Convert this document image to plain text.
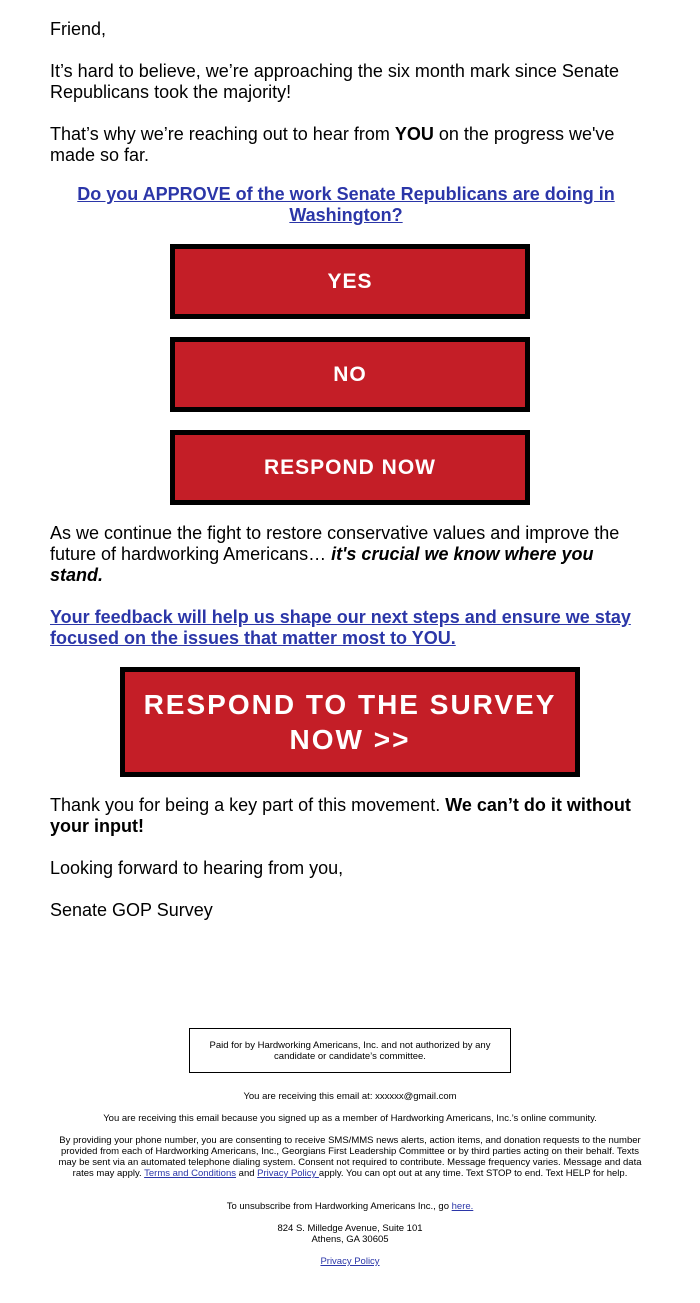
Friend,

It’s hard to believe, we’re approaching the six month mark since Senate Republicans took the majority!

That’s why we’re reaching out to hear from YOU on the progress we've made so far.

Do you APPROVE of the work Senate Republicans are doing in Washington?

As we continue the fight to restore conservative values and improve the future of hardworking Americans… it's crucial we know where you stand.

Your feedback will help us shape our next steps and ensure we stay focused on the issues that matter most to YOU.

Thank you for being a key part of this movement. We can’t do it without your input!

Looking forward to hearing from you,

Senate GOP Survey

YES
NO
RESPOND NOW
RESPOND TO THE SURVEY
NOW >>
Paid for by Hardworking Americans, Inc. and not authorized by any candidate or candidate’s committee.
You are receiving this email at: xxxxxx@gmail.com
You are receiving this email because you signed up as a member of Hardworking Americans, Inc.’s online community.
By providing your phone number, you are consenting to receive SMS/MMS news alerts, action items, and donation requests to the number provided from each of Hardworking Americans, Inc., Georgians First Leadership Committee or by third parties acting on their behalf. Texts may be sent via an automated telephone dialing system. Consent not required to contribute. Message frequency varies. Message and data rates may apply. Terms and Conditions and Privacy Policy apply. You can opt out at any time. Text STOP to end. Text HELP for help.
To unsubscribe from Hardworking Americans Inc., go here.
824 S. Milledge Avenue, Suite 101
Athens, GA 30605
Privacy Policy
